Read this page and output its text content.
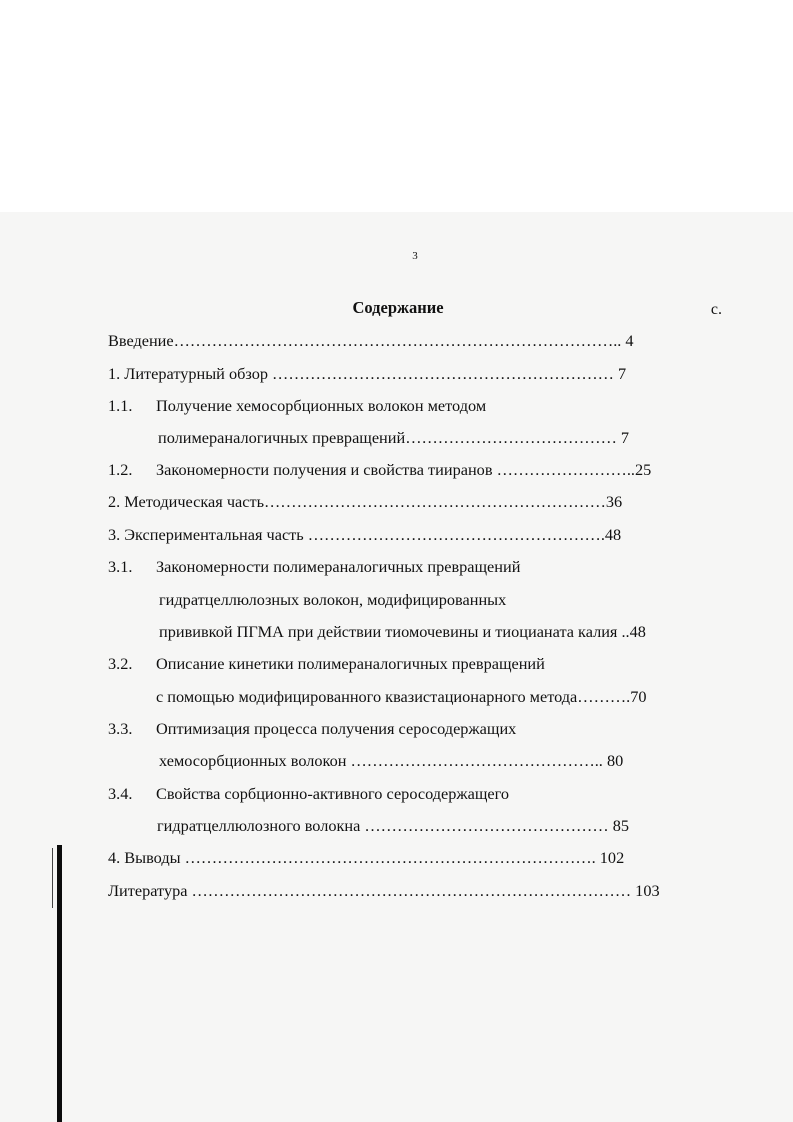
3
Содержание	с.
Введение……………………………………………………………………….. 4
1. Литературный обзор ……………………………………………………… 7
1.1. Получение хемосорбционных волокон методом
полимераналогичных превращений………………………………… 7
1.2. Закономерности получения и свойства тииранов ……………………..25
2. Методическая часть………………………………………………………36
3. Экспериментальная часть ……………………………………………….48
3.1. Закономерности полимераналогичных превращений
гидратцеллюлозных волокон, модифицированных
прививкой ПГМА при действии тиомочевины и тиоцианата калия ..48
3.2. Описание кинетики полимераналогичных превращений
с помощью модифицированного квазистационарного метода……….70
3.3. Оптимизация процесса получения серосодержащих
хемосорбционных волокон ……………………………………….. 80
3.4. Свойства сорбционно-активного серосодержащего
гидратцеллюлозного волокна ……………………………………… 85
4. Выводы …………………………………………………………………. 102
Литература ……………………………………………………………………… 103
